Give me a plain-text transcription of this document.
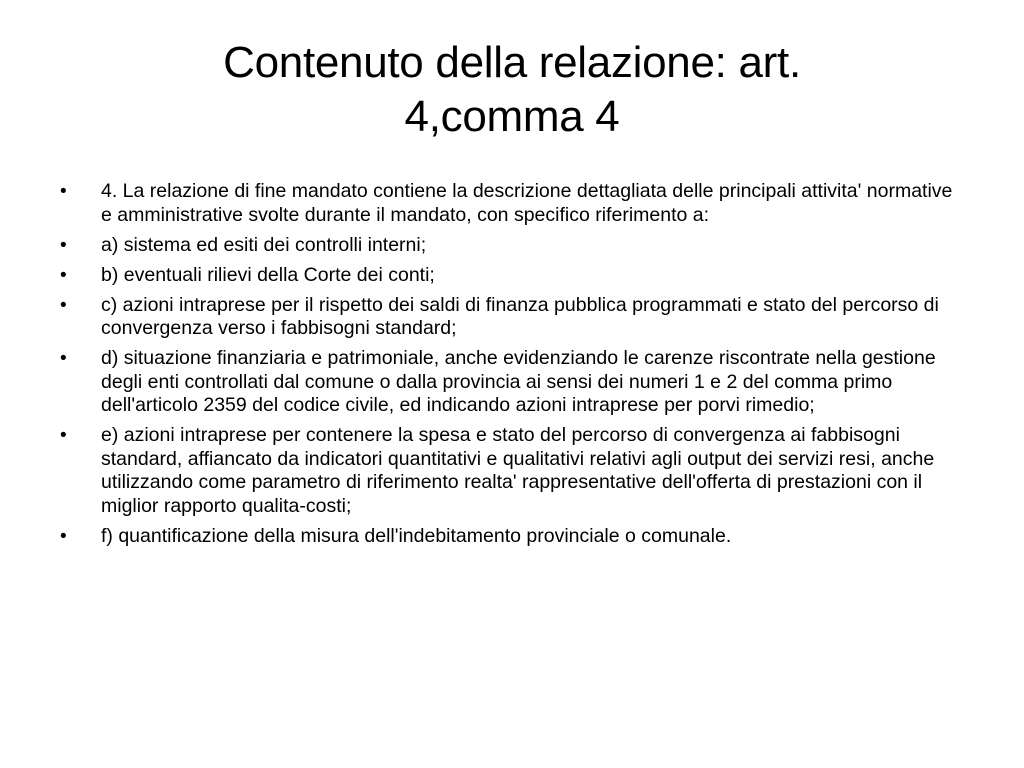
Contenuto della relazione: art.
4,comma 4
•	4. La relazione di fine mandato contiene la descrizione dettagliata delle principali attivita' normative e amministrative svolte durante il mandato, con specifico riferimento a:
•	a) sistema ed esiti dei controlli interni;
•	b) eventuali rilievi della Corte dei conti;
•	c) azioni intraprese per il rispetto dei saldi di finanza pubblica programmati e stato del percorso di convergenza verso i fabbisogni standard;
•	d) situazione finanziaria e patrimoniale, anche evidenziando le carenze riscontrate nella gestione degli enti controllati dal comune o dalla provincia ai sensi dei numeri 1 e 2 del comma primo dell'articolo 2359 del codice civile, ed indicando azioni intraprese per porvi rimedio;
•	e) azioni intraprese per contenere la spesa e stato del percorso di convergenza ai fabbisogni standard, affiancato da indicatori quantitativi e qualitativi relativi agli output dei servizi resi, anche utilizzando come parametro di riferimento realta' rappresentative dell'offerta di prestazioni con il miglior rapporto qualita-costi;
•	f) quantificazione della misura dell'indebitamento provinciale o comunale.
